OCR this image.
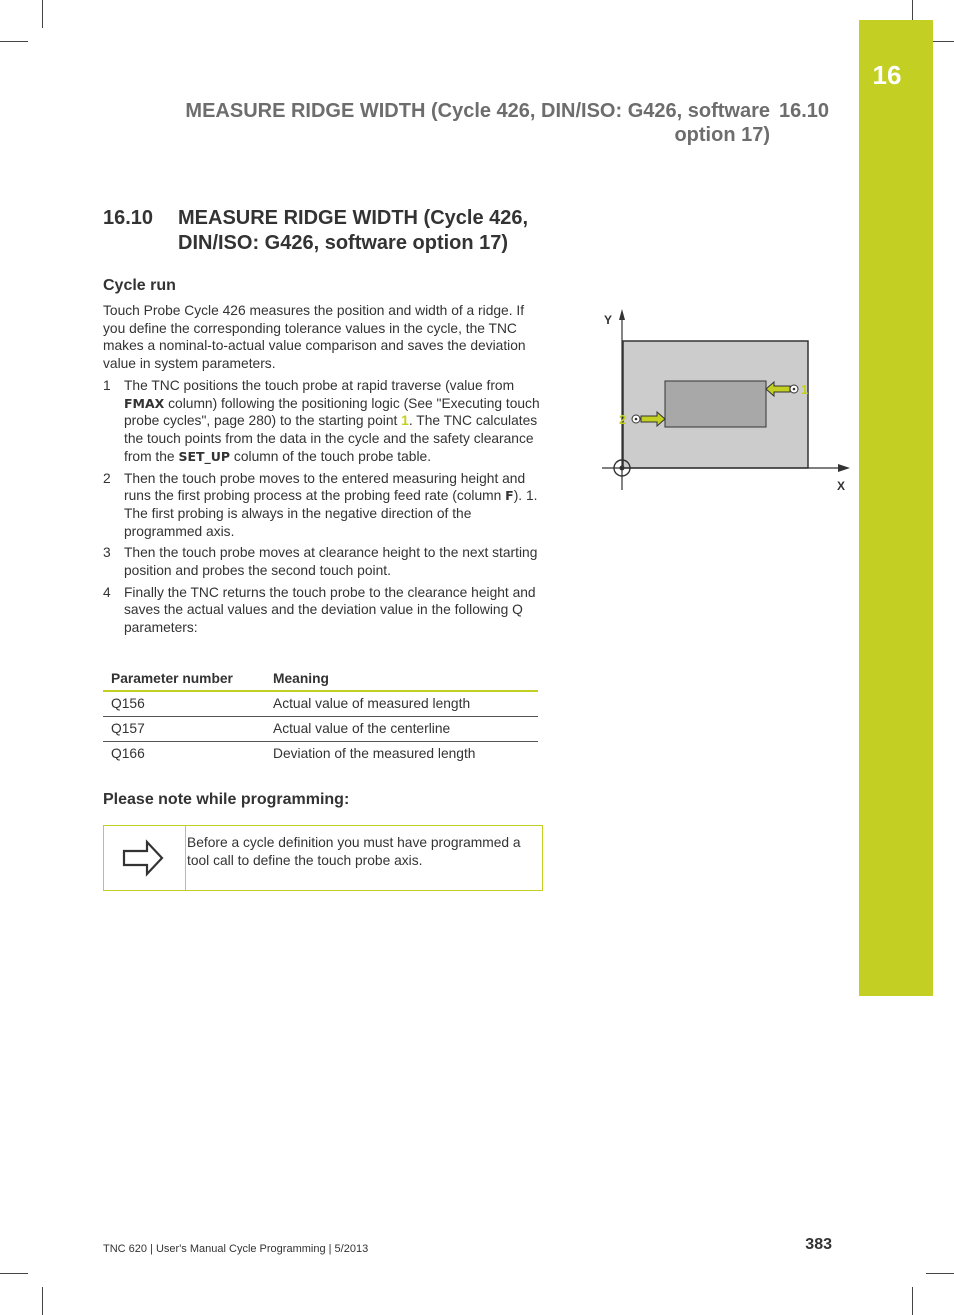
16
MEASURE RIDGE WIDTH (Cycle 426, DIN/ISO: G426, software option 17)
16.10
16.10 MEASURE RIDGE WIDTH (Cycle 426, DIN/ISO: G426, software option 17)
Cycle run
Touch Probe Cycle 426 measures the position and width of a ridge. If you define the corresponding tolerance values in the cycle, the TNC makes a nominal-to-actual value comparison and saves the deviation value in system parameters.
1 The TNC positions the touch probe at rapid traverse (value from FMAX column) following the positioning logic (See "Executing touch probe cycles", page 280) to the starting point 1. The TNC calculates the touch points from the data in the cycle and the safety clearance from the SET_UP column of the touch probe table.
2 Then the touch probe moves to the entered measuring height and runs the first probing process at the probing feed rate (column F). 1. The first probing is always in the negative direction of the programmed axis.
3 Then the touch probe moves at clearance height to the next starting position and probes the second touch point.
4 Finally the TNC returns the touch probe to the clearance height and saves the actual values and the deviation value in the following Q parameters:
Parameter number	Meaning
Q156	Actual value of measured length
Q157	Actual value of the centerline
Q166	Deviation of the measured length
Please note while programming:
Before a cycle definition you must have programmed a tool call to define the touch probe axis.
Y
X
1
2
TNC 620 | User's Manual Cycle Programming | 5/2013	383
